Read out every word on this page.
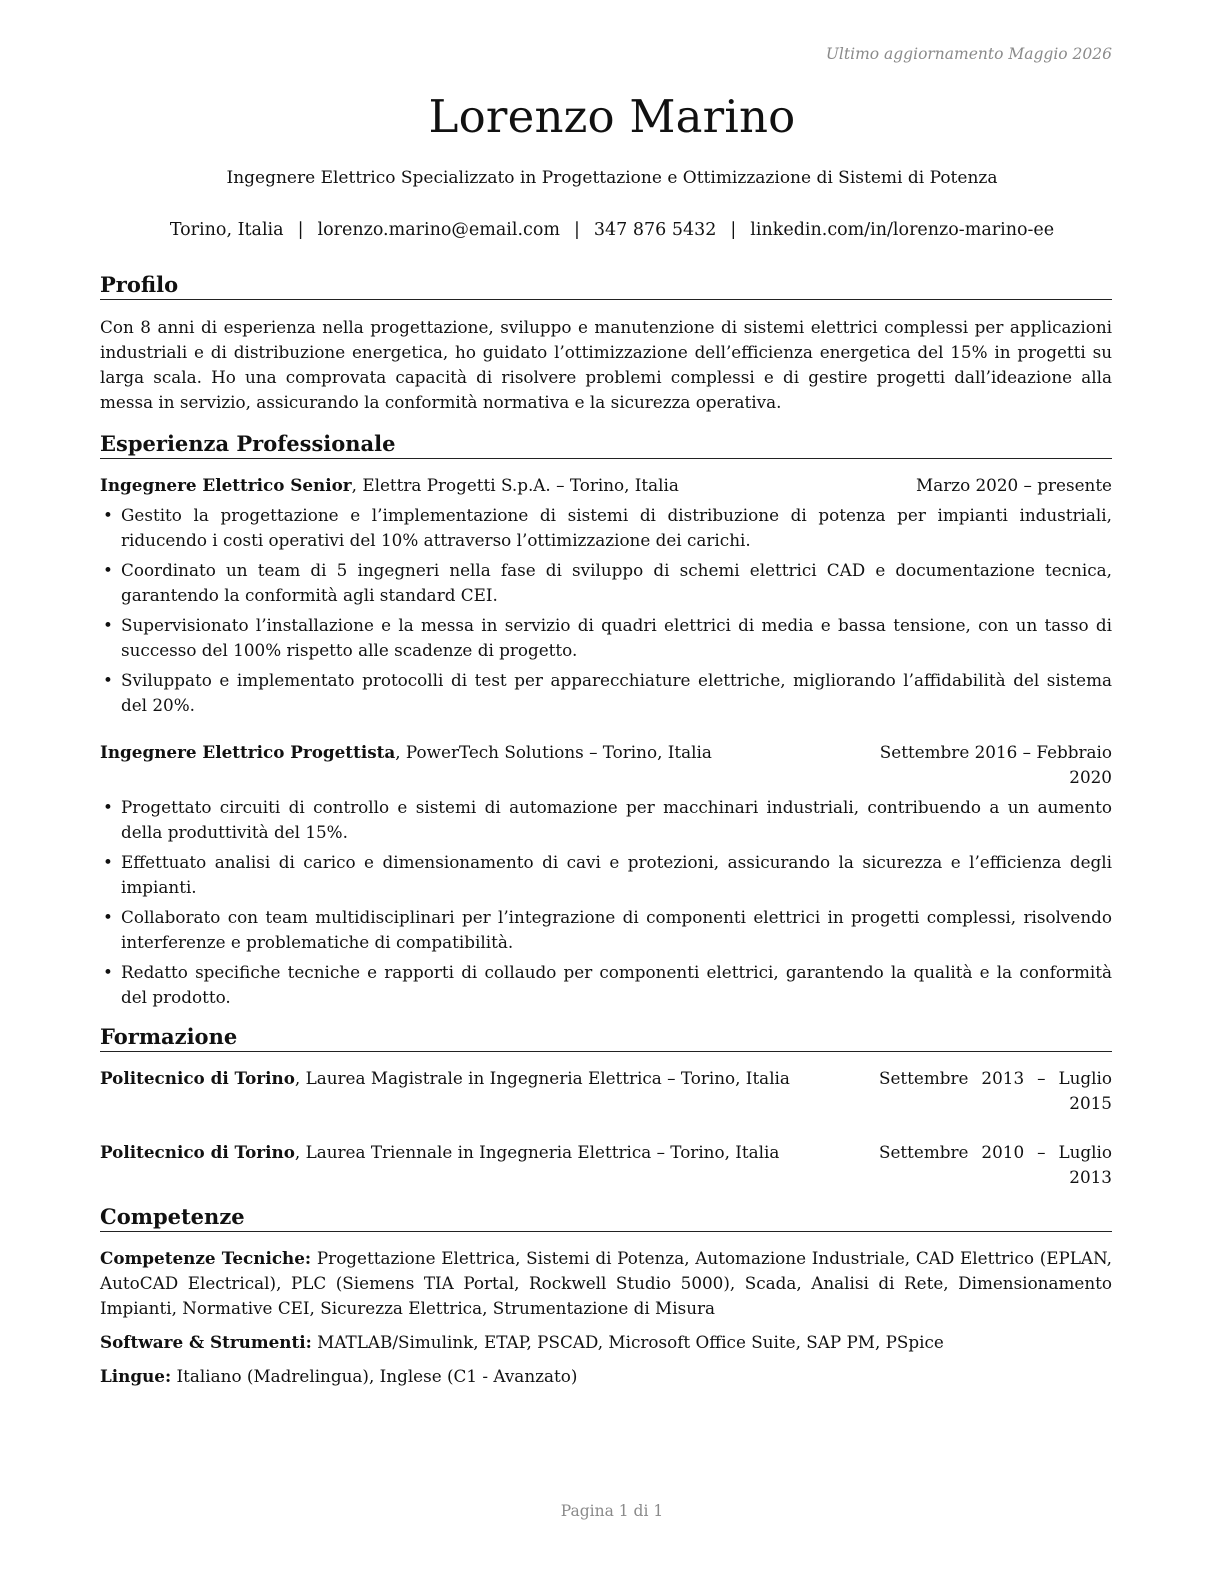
Ultimo aggiornamento Maggio 2026
Lorenzo Marino
Ingegnere Elettrico Specializzato in Progettazione e Ottimizzazione di Sistemi di Potenza
Torino, Italia | lorenzo.marino@email.com | 347 876 5432 | linkedin.com/in/lorenzo-marino-ee
Profilo

Con 8 anni di esperienza nella progettazione, sviluppo e manutenzione di sistemi elettrici complessi per applicazioni industriali e di distribuzione energetica, ho guidato l’ottimizzazione dell’efficienza energetica del 15% in progetti su larga scala. Ho una comprovata capacità di risolvere problemi complessi e di gestire progetti dall’ideazione alla messa in servizio, assicurando la conformità normativa e la sicurezza operativa.

Esperienza Professionale
Ingegnere Elettrico Senior, Elettra Progetti S.p.A. – Torino, Italia	Marzo 2020 – presente
• Gestito la progettazione e l’implementazione di sistemi di distribuzione di potenza per impianti industriali, riducendo i costi operativi del 10% attraverso l’ottimizzazione dei carichi.
• Coordinato un team di 5 ingegneri nella fase di sviluppo di schemi elettrici CAD e documentazione tecnica, garantendo la conformità agli standard CEI.
• Supervisionato l’installazione e la messa in servizio di quadri elettrici di media e bassa tensione, con un tasso di successo del 100% rispetto alle scadenze di progetto.
• Sviluppato e implementato protocolli di test per apparecchiature elettriche, migliorando l’affidabilità del sistema del 20%.
Ingegnere Elettrico Progettista, PowerTech Solutions – Torino, Italia	Settembre 2016 – Febbraio 2020
• Progettato circuiti di controllo e sistemi di automazione per macchinari industriali, contribuendo a un aumento della produttività del 15%.
• Effettuato analisi di carico e dimensionamento di cavi e protezioni, assicurando la sicurezza e l’efficienza degli impianti.
• Collaborato con team multidisciplinari per l’integrazione di componenti elettrici in progetti complessi, risolvendo interferenze e problematiche di compatibilità.
• Redatto specifiche tecniche e rapporti di collaudo per componenti elettrici, garantendo la qualità e la conformità del prodotto.
Formazione
Politecnico di Torino, Laurea Magistrale in Ingegneria Elettrica – Torino, Italia	Settembre 2013 – Luglio 2015
Politecnico di Torino, Laurea Triennale in Ingegneria Elettrica – Torino, Italia	Settembre 2010 – Luglio 2013
Competenze

Competenze Tecniche: Progettazione Elettrica, Sistemi di Potenza, Automazione Industriale, CAD Elettrico (EPLAN, AutoCAD Electrical), PLC (Siemens TIA Portal, Rockwell Studio 5000), Scada, Analisi di Rete, Dimensionamento Impianti, Normative CEI, Sicurezza Elettrica, Strumentazione di Misura

Software & Strumenti: MATLAB/Simulink, ETAP, PSCAD, Microsoft Office Suite, SAP PM, PSpice

Lingue: Italiano (Madrelingua), Inglese (C1 - Avanzato)

Pagina 1 di 1
